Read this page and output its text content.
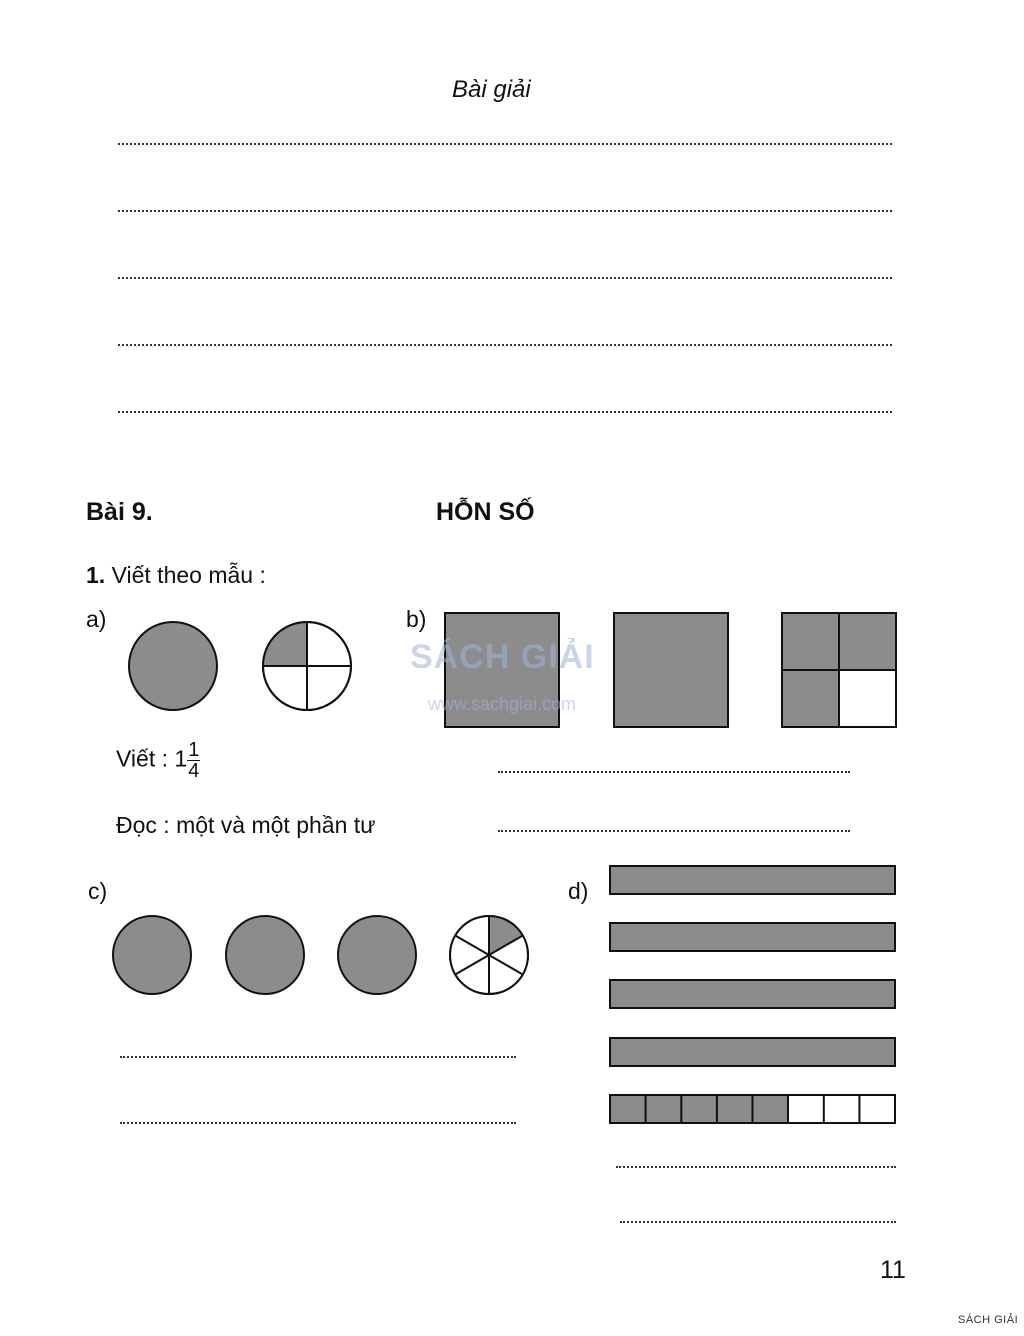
Bài giải
Bài 9.	HỖN SỐ
1. Viết theo mẫu :
a)
Viết : $1 \frac{1}{4}$
Đọc : một và một phần tư
b)
SÁCH GIẢI
www.sachgiai.com
c)	d)
11
SÁCH GIẢI
